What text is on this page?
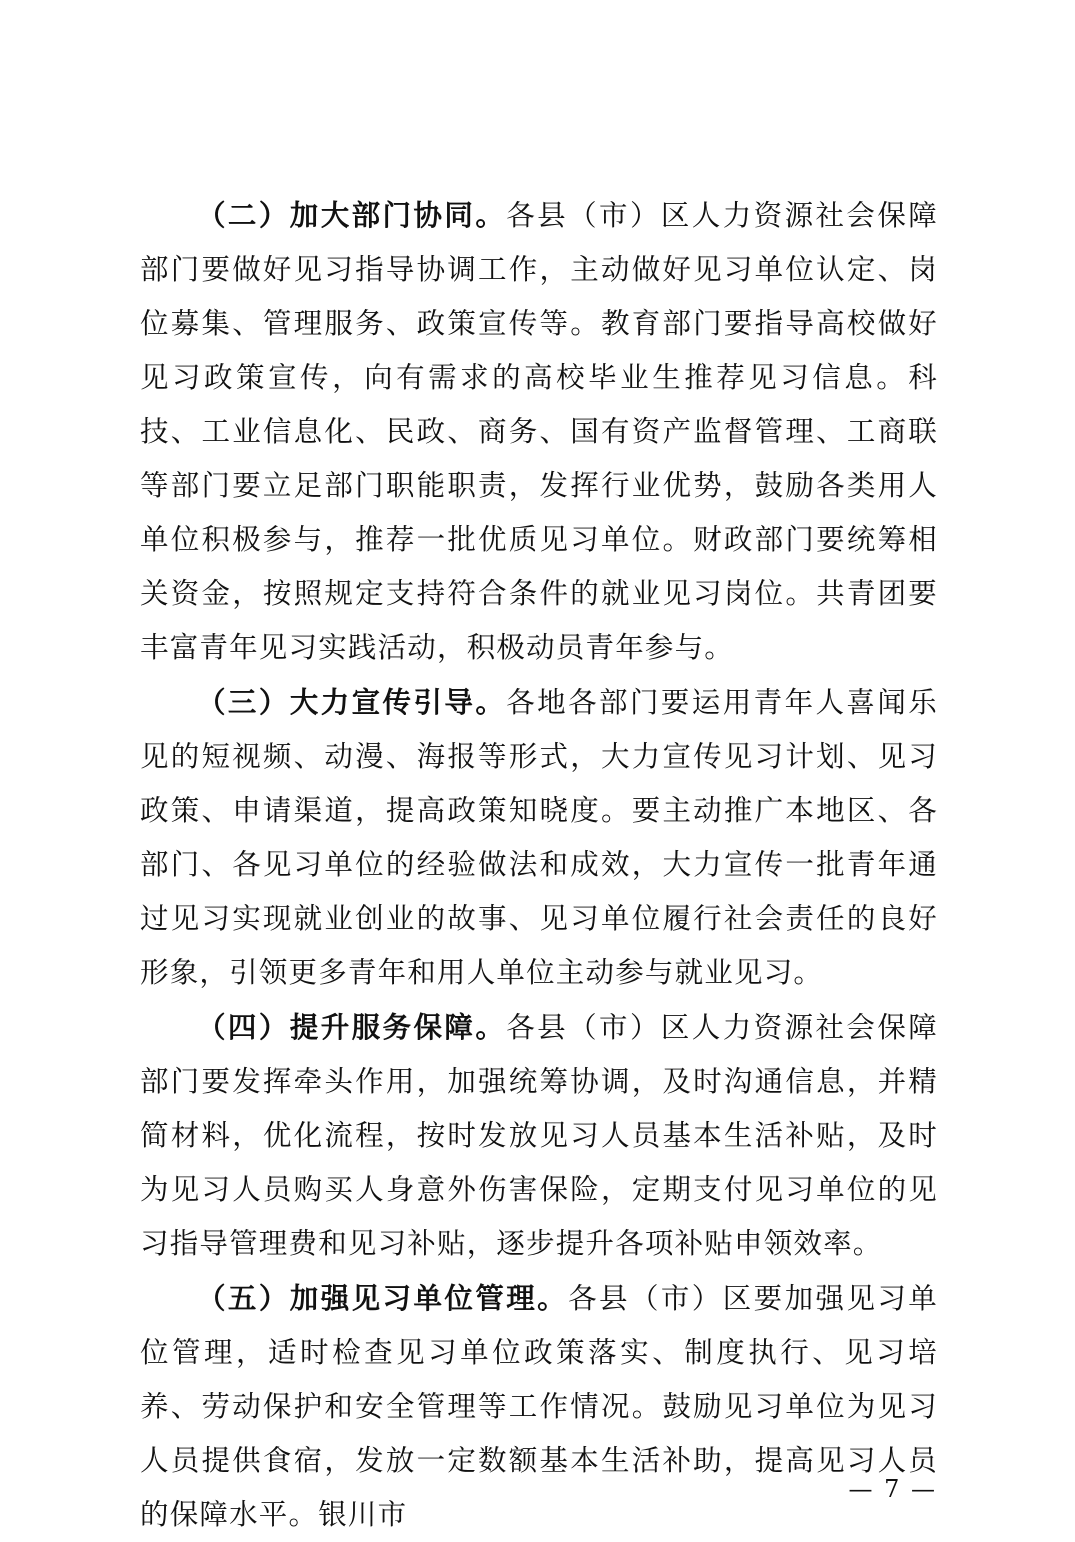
（二）加大部门协同。各县（市）区人力资源社会保障部门要做好见习指导协调工作，主动做好见习单位认定、岗位募集、管理服务、政策宣传等。教育部门要指导高校做好见习政策宣传，向有需求的高校毕业生推荐见习信息。科技、工业信息化、民政、商务、国有资产监督管理、工商联等部门要立足部门职能职责，发挥行业优势，鼓励各类用人单位积极参与，推荐一批优质见习单位。财政部门要统筹相关资金，按照规定支持符合条件的就业见习岗位。共青团要丰富青年见习实践活动，积极动员青年参与。

（三）大力宣传引导。各地各部门要运用青年人喜闻乐见的短视频、动漫、海报等形式，大力宣传见习计划、见习政策、申请渠道，提高政策知晓度。要主动推广本地区、各部门、各见习单位的经验做法和成效，大力宣传一批青年通过见习实现就业创业的故事、见习单位履行社会责任的良好形象，引领更多青年和用人单位主动参与就业见习。

（四）提升服务保障。各县（市）区人力资源社会保障部门要发挥牵头作用，加强统筹协调，及时沟通信息，并精简材料，优化流程，按时发放见习人员基本生活补贴，及时为见习人员购买人身意外伤害保险，定期支付见习单位的见习指导管理费和见习补贴，逐步提升各项补贴申领效率。

（五）加强见习单位管理。各县（市）区要加强见习单位管理，适时检查见习单位政策落实、制度执行、见习培养、劳动保护和安全管理等工作情况。鼓励见习单位为见习人员提供食宿，发放一定数额基本生活补助，提高见习人员的保障水平。银川市

— 7 —
